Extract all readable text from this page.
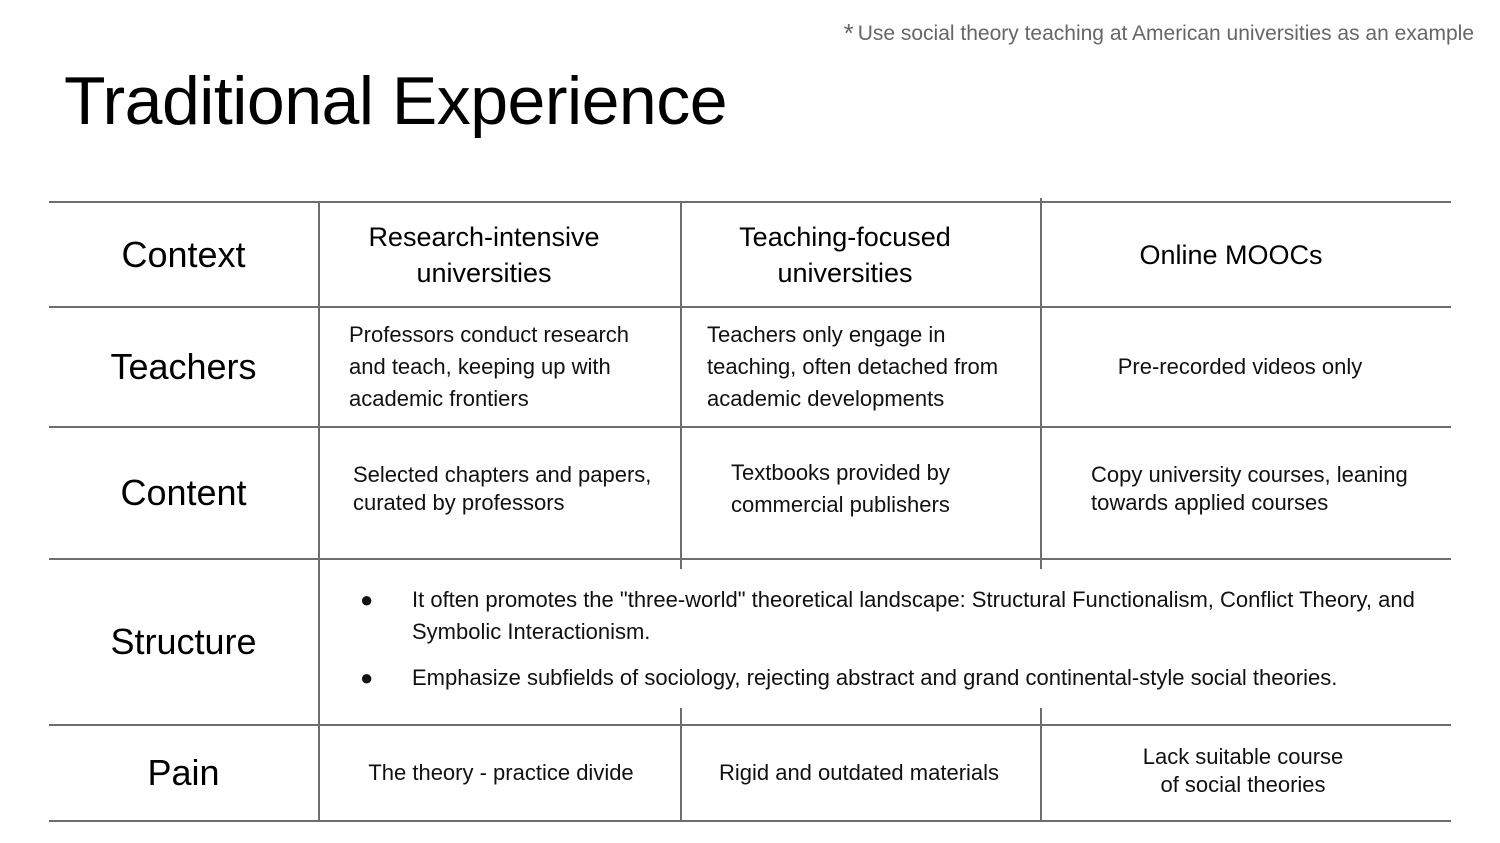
* Use social theory teaching at American universities as an example
Traditional Experience
Context
Teachers
Content
Structure
Pain
Research-intensive
universities
Teaching-focused
universities
Online MOOCs
Professors conduct research and teach, keeping up with academic frontiers
Teachers only engage in teaching, often detached from academic developments
Pre-recorded videos only
Selected chapters and papers, curated by professors
Textbooks provided by commercial publishers
Copy university courses, leaning towards applied courses
● It often promotes the "three-world" theoretical landscape: Structural Functionalism, Conflict Theory, and Symbolic Interactionism.
● Emphasize subfields of sociology, rejecting abstract and grand continental-style social theories.
The theory - practice divide	Rigid and outdated materials
Lack suitable course
of social theories
